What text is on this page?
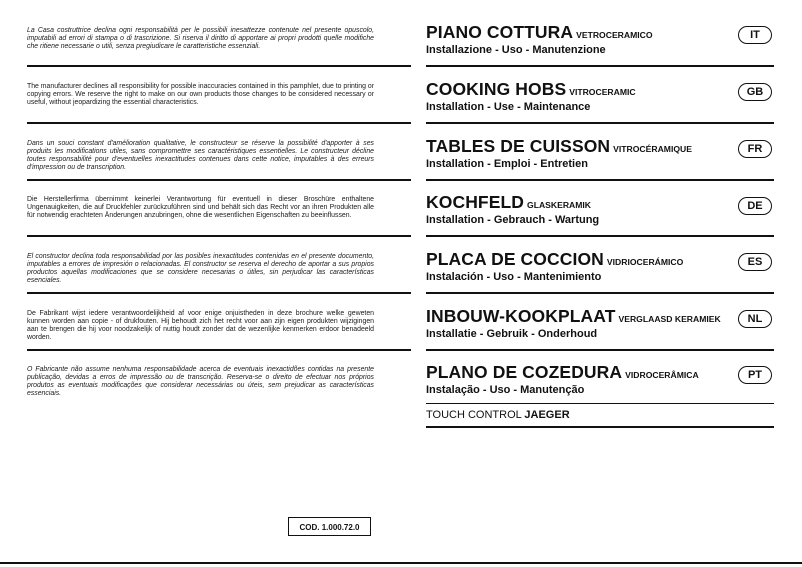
La Casa costruttrice declina ogni responsabilità per le possibili inesattezze contenute nel presente opuscolo, imputabili ad errori di stampa o di trascrizione. Si riserva il diritto di apportare ai propri prodotti quelle modifiche che ritiene necessarie o utili, senza pregiudicare le caratteristiche essenziali.
PIANO COTTURA VETROCERAMICO
Installazione - Uso - Manutenzione
IT
The manufacturer declines all responsibility for possible inaccuracies contained in this pamphlet, due to printing or copying errors. We reserve the right to make on our own products those changes to be considered necessary or useful, without jeopardizing the essential characteristics.
COOKING HOBS VITROCERAMIC
Installation - Use - Maintenance
GB
Dans un souci constant d'amélioration qualitative, le constructeur se réserve la possibilité d'apporter à ses produits les modifications utiles, sans compromettre ses caractéristiques essentielles. Le constructeur décline toutes responsabilité pour d'eventuelles inexactitudes contenues dans cette notice, imputables à des erreurs d'impression ou de transcription.
TABLES DE CUISSON VITROCÉRAMIQUE
Installation - Emploi - Entretien
FR
Die Herstellerfirma übernimmt keinerlei Verantwortung für eventuell in dieser Broschüre enthaltene Ungenauigkeiten, die auf Druckfehler zurückzuführen sind und behält sich das Recht vor an ihren Produkten alle für notwendig erachteten Änderungen anzubringen, ohne die wesentlichen Eigenschaften zu beeinflussen.
KOCHFELD GLASKERAMIK
Installation - Gebrauch - Wartung
DE
El constructor declina toda responsabilidad por las posibles inexactitudes contenidas en el presente documento, imputables a errores de impresión o relacionadas. El constructor se reserva el derecho de aportar a sus propios productos aquellas modificaciones que se considere necesarias o útiles, sin perjudicar las características esenciales.
PLACA DE COCCION VIDRIOCERÁMICO
Instalación - Uso - Mantenimiento
ES
De Fabrikant wijst iedere verantwoordelijkheid af voor enige onjuistheden in deze brochure welke geweten kunnen worden aan copie - of drukfouten. Hij behoudt zich het recht voor aan zijn eigen produkten wijzigingen aan te brengen die hij voor noodzakelijk of nuttig houdt zonder dat de wezenlijke kenmerken erdoor benadeeld worden.
INBOUW-KOOKPLAAT VERGLAASD KERAMIEK
Installatie - Gebruik - Onderhoud
NL
O Fabricante não assume nenhuma responsabilidade acerca de eventuais inexactidões contidas na presente publicação, devidas a erros de impressão ou de transcrição. Reserva-se o direito de efectuar nos próprios produtos as eventuais modificações que considerar necessárias ou úteis, sem prejudicar as características essenciais.
PLANO DE COZEDURA VIDROCERÂMICA
Instalação - Uso - Manutenção
PT
TOUCH CONTROL JAEGER
COD. 1.000.72.0
